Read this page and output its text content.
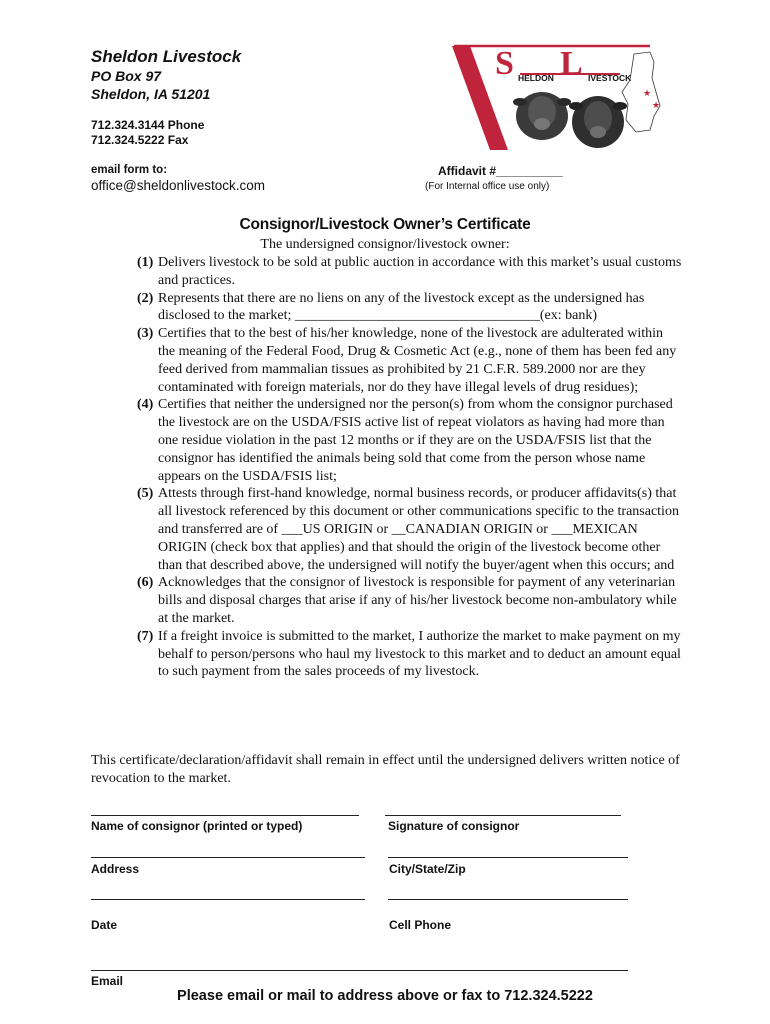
Sheldon Livestock
PO Box 97
Sheldon, IA 51201
712.324.3144 Phone
712.324.5222 Fax
email form to:
office@sheldonlivestock.com
S HELDON L IVESTOCK
★
★
Affidavit #__________
(For Internal office use only)
Consignor/Livestock Owner’s Certificate
The undersigned consignor/livestock owner:
(1) Delivers livestock to be sold at public auction in accordance with this market’s usual customs and practices.
(2) Represents that there are no liens on any of the livestock except as the undersigned has disclosed to the market; ___________________________________(ex: bank)
(3) Certifies that to the best of his/her knowledge, none of the livestock are adulterated within the meaning of the Federal Food, Drug & Cosmetic Act (e.g., none of them has been fed any feed derived from mammalian tissues as prohibited by 21 C.F.R. 589.2000 nor are they contaminated with foreign materials, nor do they have illegal levels of drug residues);
(4) Certifies that neither the undersigned nor the person(s) from whom the consignor purchased the livestock are on the USDA/FSIS active list of repeat violators as having had more than one residue violation in the past 12 months or if they are on the USDA/FSIS list that the consignor has identified the animals being sold that come from the person whose name appears on the USDA/FSIS list;
(5) Attests through first-hand knowledge, normal business records, or producer affidavits(s) that all livestock referenced by this document or other communications specific to the transaction and transferred are of ___US ORIGIN or __CANADIAN ORIGIN or ___MEXICAN ORIGIN (check box that applies) and that should the origin of the livestock become other than that described above, the undersigned will notify the buyer/agent when this occurs; and
(6) Acknowledges that the consignor of livestock is responsible for payment of any veterinarian bills and disposal charges that arise if any of his/her livestock become non-ambulatory while at the market.
(7) If a freight invoice is submitted to the market, I authorize the market to make payment on my behalf to person/persons who haul my livestock to this market and to deduct an amount equal to such payment from the sales proceeds of my livestock.
This certificate/declaration/affidavit shall remain in effect until the undersigned delivers written notice of revocation to the market.
Name of consignor (printed or typed)	Signature of consignor
Address	City/State/Zip
Date	Cell Phone
Email
Please email or mail to address above or fax to 712.324.5222
